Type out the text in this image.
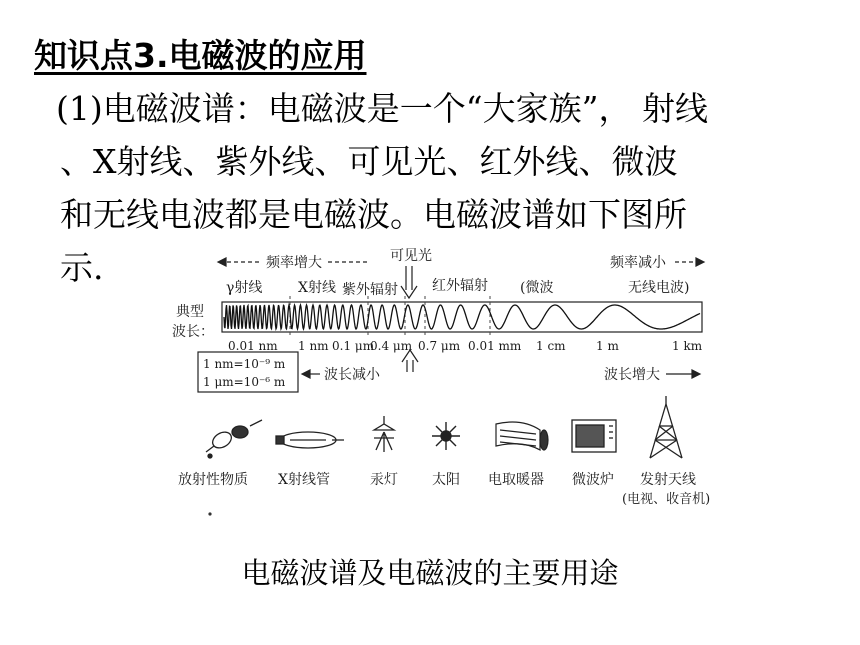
知识点3.电磁波的应用
(1)电磁波谱：电磁波是一个“大家族”， 射线
、X射线、紫外线、可见光、红外线、微波
和无线电波都是电磁波。电磁波谱如下图所
示.	频率增大	可见光	频率减小
γ射线	X射线 紫外辐射 红外辐射 (微波	无线电波)
典型
波长：
0.01 nm 1 nm 0.1 μm
0.4 μm 0.7 μm 0.01 mm 1 cm	1 m	1 km
1 nm=10⁻⁹ m
1 μm=10⁻⁶ m	波长减小	波长增大
放射性物质 X射线管	汞灯 太阳 电取暖器 微波炉 发射天线
(电视、收音机)
电磁波谱及电磁波的主要用途
